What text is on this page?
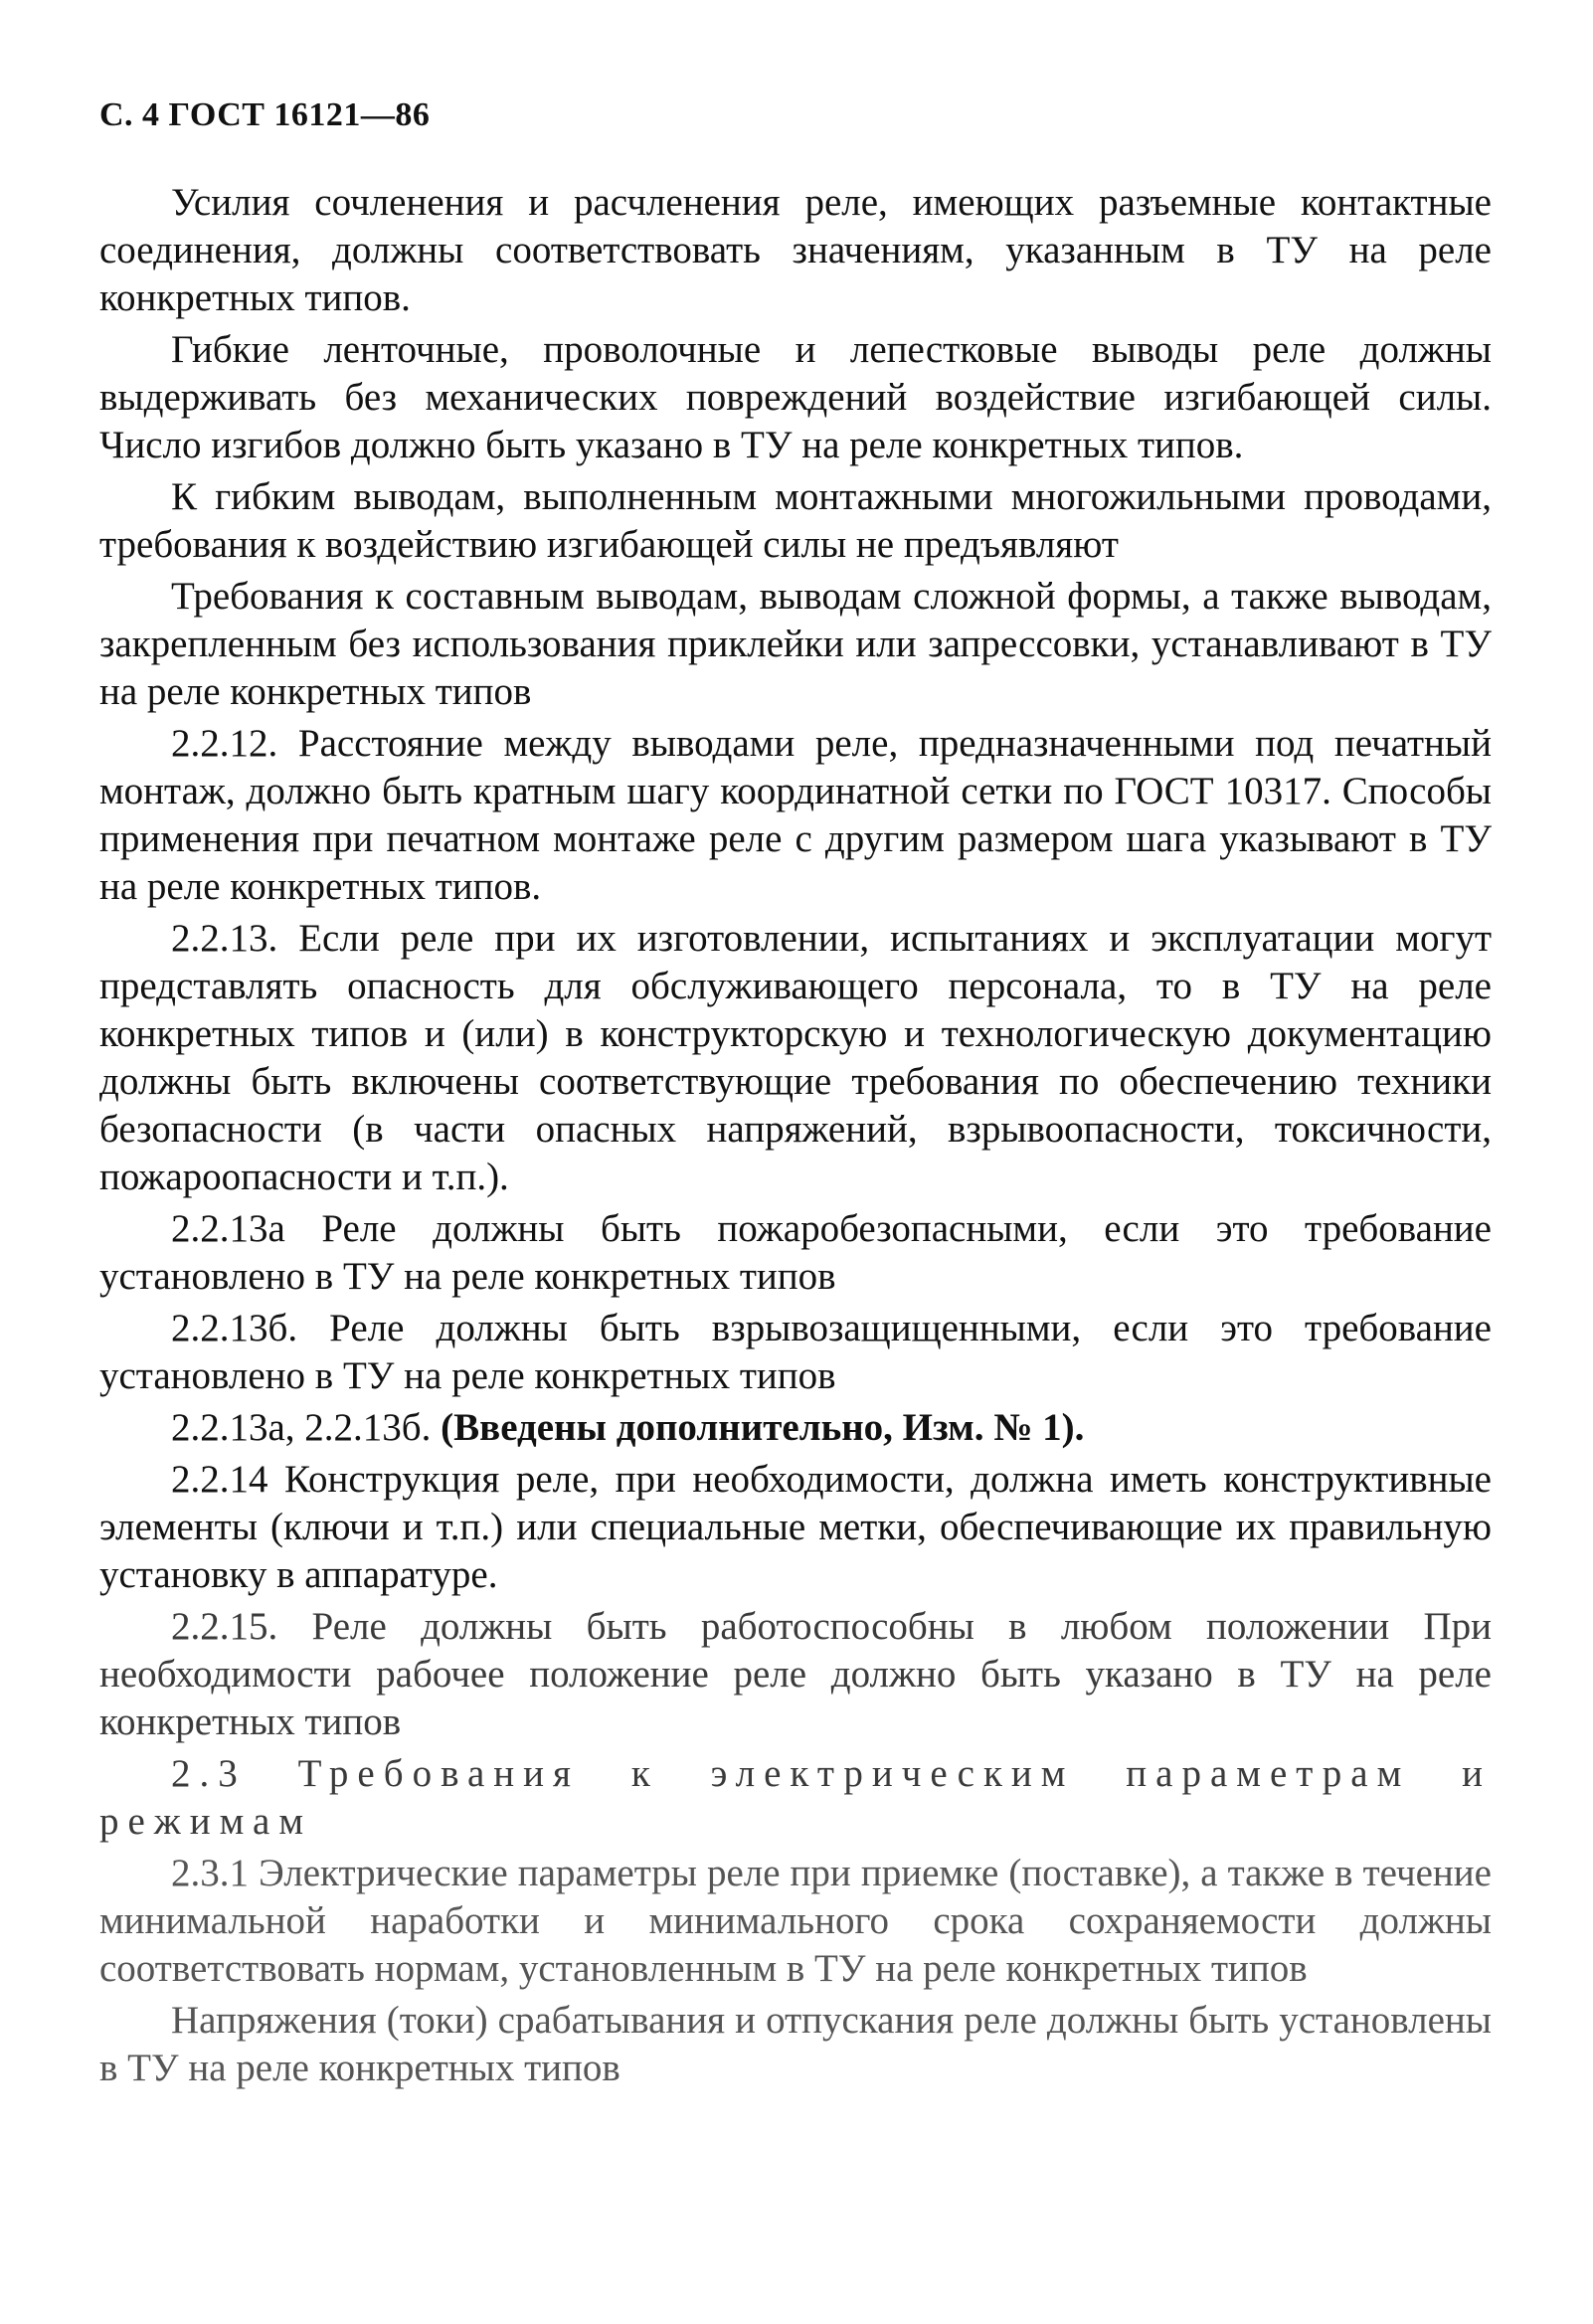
С. 4 ГОСТ 16121—86

Усилия сочленения и расчленения реле, имеющих разъемные контактные соединения, должны соответствовать значениям, указанным в ТУ на реле конкретных типов.

Гибкие ленточные, проволочные и лепестковые выводы реле должны выдерживать без механических повреждений воздействие изгибающей силы. Число изгибов должно быть указано в ТУ на реле конкретных типов.

К гибким выводам, выполненным монтажными многожильными проводами, требования к воздействию изгибающей силы не предъявляют

Требования к составным выводам, выводам сложной формы, а также выводам, закрепленным без использования приклейки или запрессовки, устанавливают в ТУ на реле конкретных типов

2.2.12. Расстояние между выводами реле, предназначенными под печатный монтаж, должно быть кратным шагу координатной сетки по ГОСТ 10317. Способы применения при печатном монтаже реле с другим размером шага указывают в ТУ на реле конкретных типов.

2.2.13. Если реле при их изготовлении, испытаниях и эксплуатации могут представлять опасность для обслуживающего персонала, то в ТУ на реле конкретных типов и (или) в конструкторскую и технологическую документацию должны быть включены соответствующие требования по обеспечению техники безопасности (в части опасных напряжений, взрывоопасности, токсичности, пожароопасности и т.п.).

2.2.13а Реле должны быть пожаробезопасными, если это требование установлено в ТУ на реле конкретных типов

2.2.13б. Реле должны быть взрывозащищенными, если это требование установлено в ТУ на реле конкретных типов

2.2.13а, 2.2.13б. (Введены дополнительно, Изм. № 1).

2.2.14 Конструкция реле, при необходимости, должна иметь конструктивные элементы (ключи и т.п.) или специальные метки, обеспечивающие их правильную установку в аппаратуре.

2.2.15. Реле должны быть работоспособны в любом положении При необходимости рабочее положение реле должно быть указано в ТУ на реле конкретных типов

2.3 Требования к электрическим параметрам и режимам

2.3.1 Электрические параметры реле при приемке (поставке), а также в течение минимальной наработки и минимального срока сохраняемости должны соответствовать нормам, установленным в ТУ на реле конкретных типов

Напряжения (токи) срабатывания и отпускания реле должны быть установлены в ТУ на реле конкретных типов
